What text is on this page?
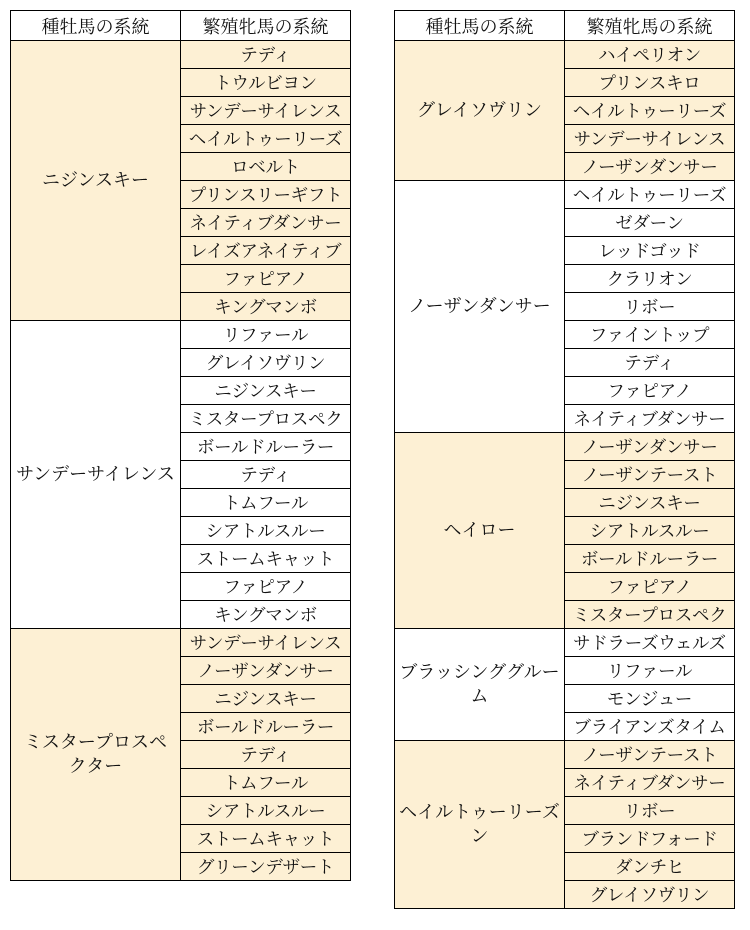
種牡馬の系統	繁殖牝馬の系統
ニジンスキー	テディ
	トウルビヨン
	サンデーサイレンス
	ヘイルトゥーリーズ
	ロベルト
	プリンスリーギフト
	ネイティブダンサー
	レイズアネイティブ
	ファピアノ
	キングマンボ
サンデーサイレンス	リファール
	グレイソヴリン
	ニジンスキー
	ミスタープロスペク
	ボールドルーラー
	テディ
	トムフール
	シアトルスルー
	ストームキャット
	ファピアノ
	キングマンボ
ミスタープロスペクター	サンデーサイレンス
	ノーザンダンサー
	ニジンスキー
	ボールドルーラー
	テディ
	トムフール
	シアトルスルー
	ストームキャット
	グリーンデザート
種牡馬の系統	繁殖牝馬の系統
グレイソヴリン	ハイペリオン
	プリンスキロ
	ヘイルトゥーリーズ
	サンデーサイレンス
	ノーザンダンサー
ノーザンダンサー	ヘイルトゥーリーズ
	ゼダーン
	レッドゴッド
	クラリオン
	リボー
	ファイントップ
	テディ
	ファピアノ
	ネイティブダンサー
ヘイロー	ノーザンダンサー
	ノーザンテースト
	ニジンスキー
	シアトルスルー
	ボールドルーラー
	ファピアノ
	ミスタープロスペク
ブラッシンググルーム	サドラーズウェルズ
	リファール
	モンジュー
	ブライアンズタイム
ヘイルトゥーリーズン	ノーザンテースト
	ネイティブダンサー
	リボー
	ブランドフォード
	ダンチヒ
	グレイソヴリン
